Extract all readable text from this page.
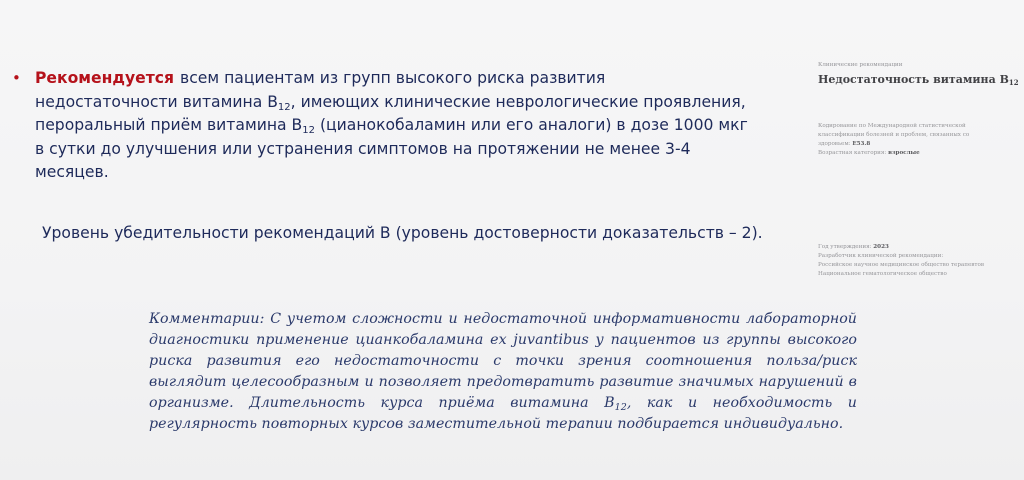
• Рекомендуется всем пациентам из групп высокого риска развития недостаточности витамина $B_{12}$, имеющих клинические неврологические проявления, пероральный приём витамина $B_{12}$ (цианокобаламин или его аналоги) в дозе 1000 мкг в сутки до улучшения или устранения симптомов на протяжении не менее 3-4 месяцев.
Уровень убедительности рекомендаций B (уровень достоверности доказательств – 2).
Комментарии: С учетом сложности и недостаточной информативности лабораторной диагностики применение цианкобаламина ex juvantibus у пациентов из группы высокого риска развития его недостаточности с точки зрения соотношения польза/риск выглядит целесообразным и позволяет предотвратить развитие значимых нарушений в организме. Длительность курса приёма витамина $B_{12}$, как и необходимость и регулярность повторных курсов заместительной терапии подбирается индивидуально.
Клинические рекомендации
Недостаточность витамина B12
Кодирование по Международной статистической
классификации болезней и проблем, связанных со
здоровьем: E53.8
Возрастная категория: взрослые
Год утверждения: 2023
Разработчик клинической рекомендации:
Российское научное медицинское общество терапевтов
Национальное гематологическое общество
